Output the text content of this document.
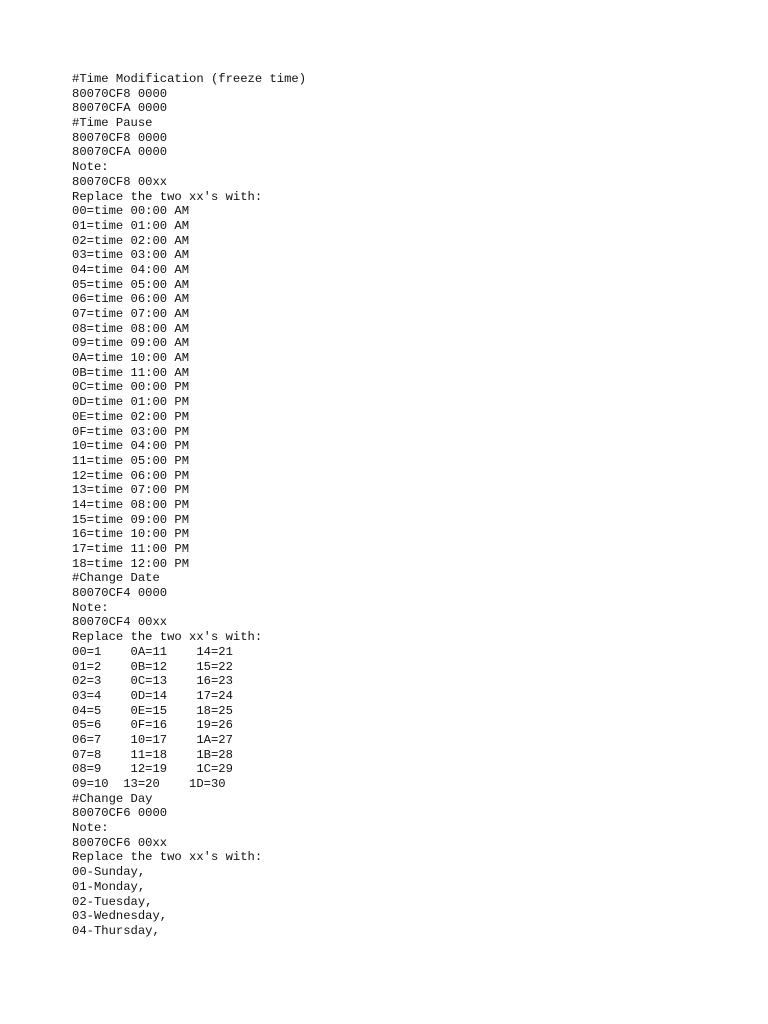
#Time Modification (freeze time)
80070CF8 0000
80070CFA 0000
#Time Pause
80070CF8 0000
80070CFA 0000
Note:
80070CF8 00xx
Replace the two xx's with:
00=time 00:00 AM
01=time 01:00 AM
02=time 02:00 AM
03=time 03:00 AM
04=time 04:00 AM
05=time 05:00 AM
06=time 06:00 AM
07=time 07:00 AM
08=time 08:00 AM
09=time 09:00 AM
0A=time 10:00 AM
0B=time 11:00 AM
0C=time 00:00 PM
0D=time 01:00 PM
0E=time 02:00 PM
0F=time 03:00 PM
10=time 04:00 PM
11=time 05:00 PM
12=time 06:00 PM
13=time 07:00 PM
14=time 08:00 PM
15=time 09:00 PM
16=time 10:00 PM
17=time 11:00 PM
18=time 12:00 PM
#Change Date
80070CF4 0000
Note:
80070CF4 00xx
Replace the two xx's with:
00=1    0A=11    14=21
01=2    0B=12    15=22
02=3    0C=13    16=23
03=4    0D=14    17=24
04=5    0E=15    18=25
05=6    0F=16    19=26
06=7    10=17    1A=27
07=8    11=18    1B=28
08=9    12=19    1C=29
09=10  13=20    1D=30
#Change Day
80070CF6 0000
Note:
80070CF6 00xx
Replace the two xx's with:
00-Sunday,
01-Monday,
02-Tuesday,
03-Wednesday,
04-Thursday,
